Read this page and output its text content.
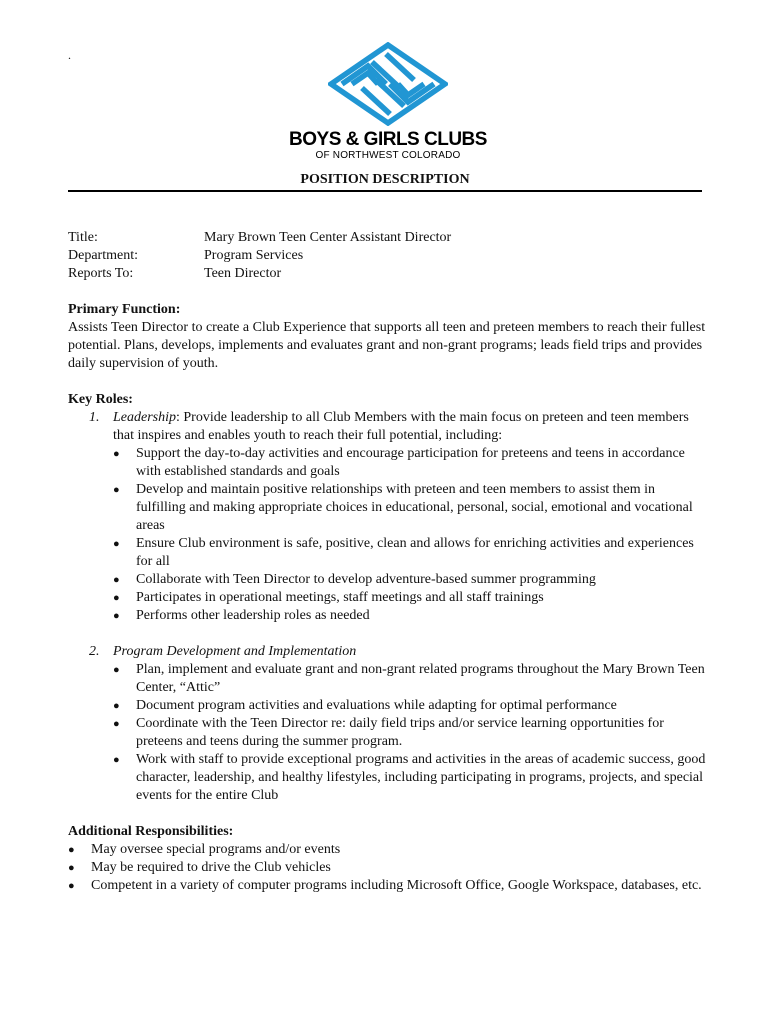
.
BOYS & GIRLS CLUBS
OF NORTHWEST COLORADO
POSITION DESCRIPTION
Title:	Mary Brown Teen Center Assistant Director
Department:	Program Services
Reports To:	Teen Director
Primary Function:
Assists Teen Director to create a Club Experience that supports all teen and preteen members to reach their fullest potential. Plans, develops, implements and evaluates grant and non-grant programs; leads field trips and provides daily supervision of youth.
Key Roles:
1. Leadership: Provide leadership to all Club Members with the main focus on preteen and teen members that inspires and enables youth to reach their full potential, including:
● Support the day-to-day activities and encourage participation for preteens and teens in accordance with established standards and goals
● Develop and maintain positive relationships with preteen and teen members to assist them in fulfilling and making appropriate choices in educational, personal, social, emotional and vocational areas
● Ensure Club environment is safe, positive, clean and allows for enriching activities and experiences for all
● Collaborate with Teen Director to develop adventure-based summer programming
● Participates in operational meetings, staff meetings and all staff trainings
● Performs other leadership roles as needed
2. Program Development and Implementation
● Plan, implement and evaluate grant and non-grant related programs throughout the Mary Brown Teen Center, “Attic”
● Document program activities and evaluations while adapting for optimal performance
● Coordinate with the Teen Director re: daily field trips and/or service learning opportunities for preteens and teens during the summer program.
● Work with staff to provide exceptional programs and activities in the areas of academic success, good character, leadership, and healthy lifestyles, including participating in programs, projects, and special events for the entire Club
Additional Responsibilities:
● May oversee special programs and/or events
● May be required to drive the Club vehicles
● Competent in a variety of computer programs including Microsoft Office, Google Workspace, databases, etc.
